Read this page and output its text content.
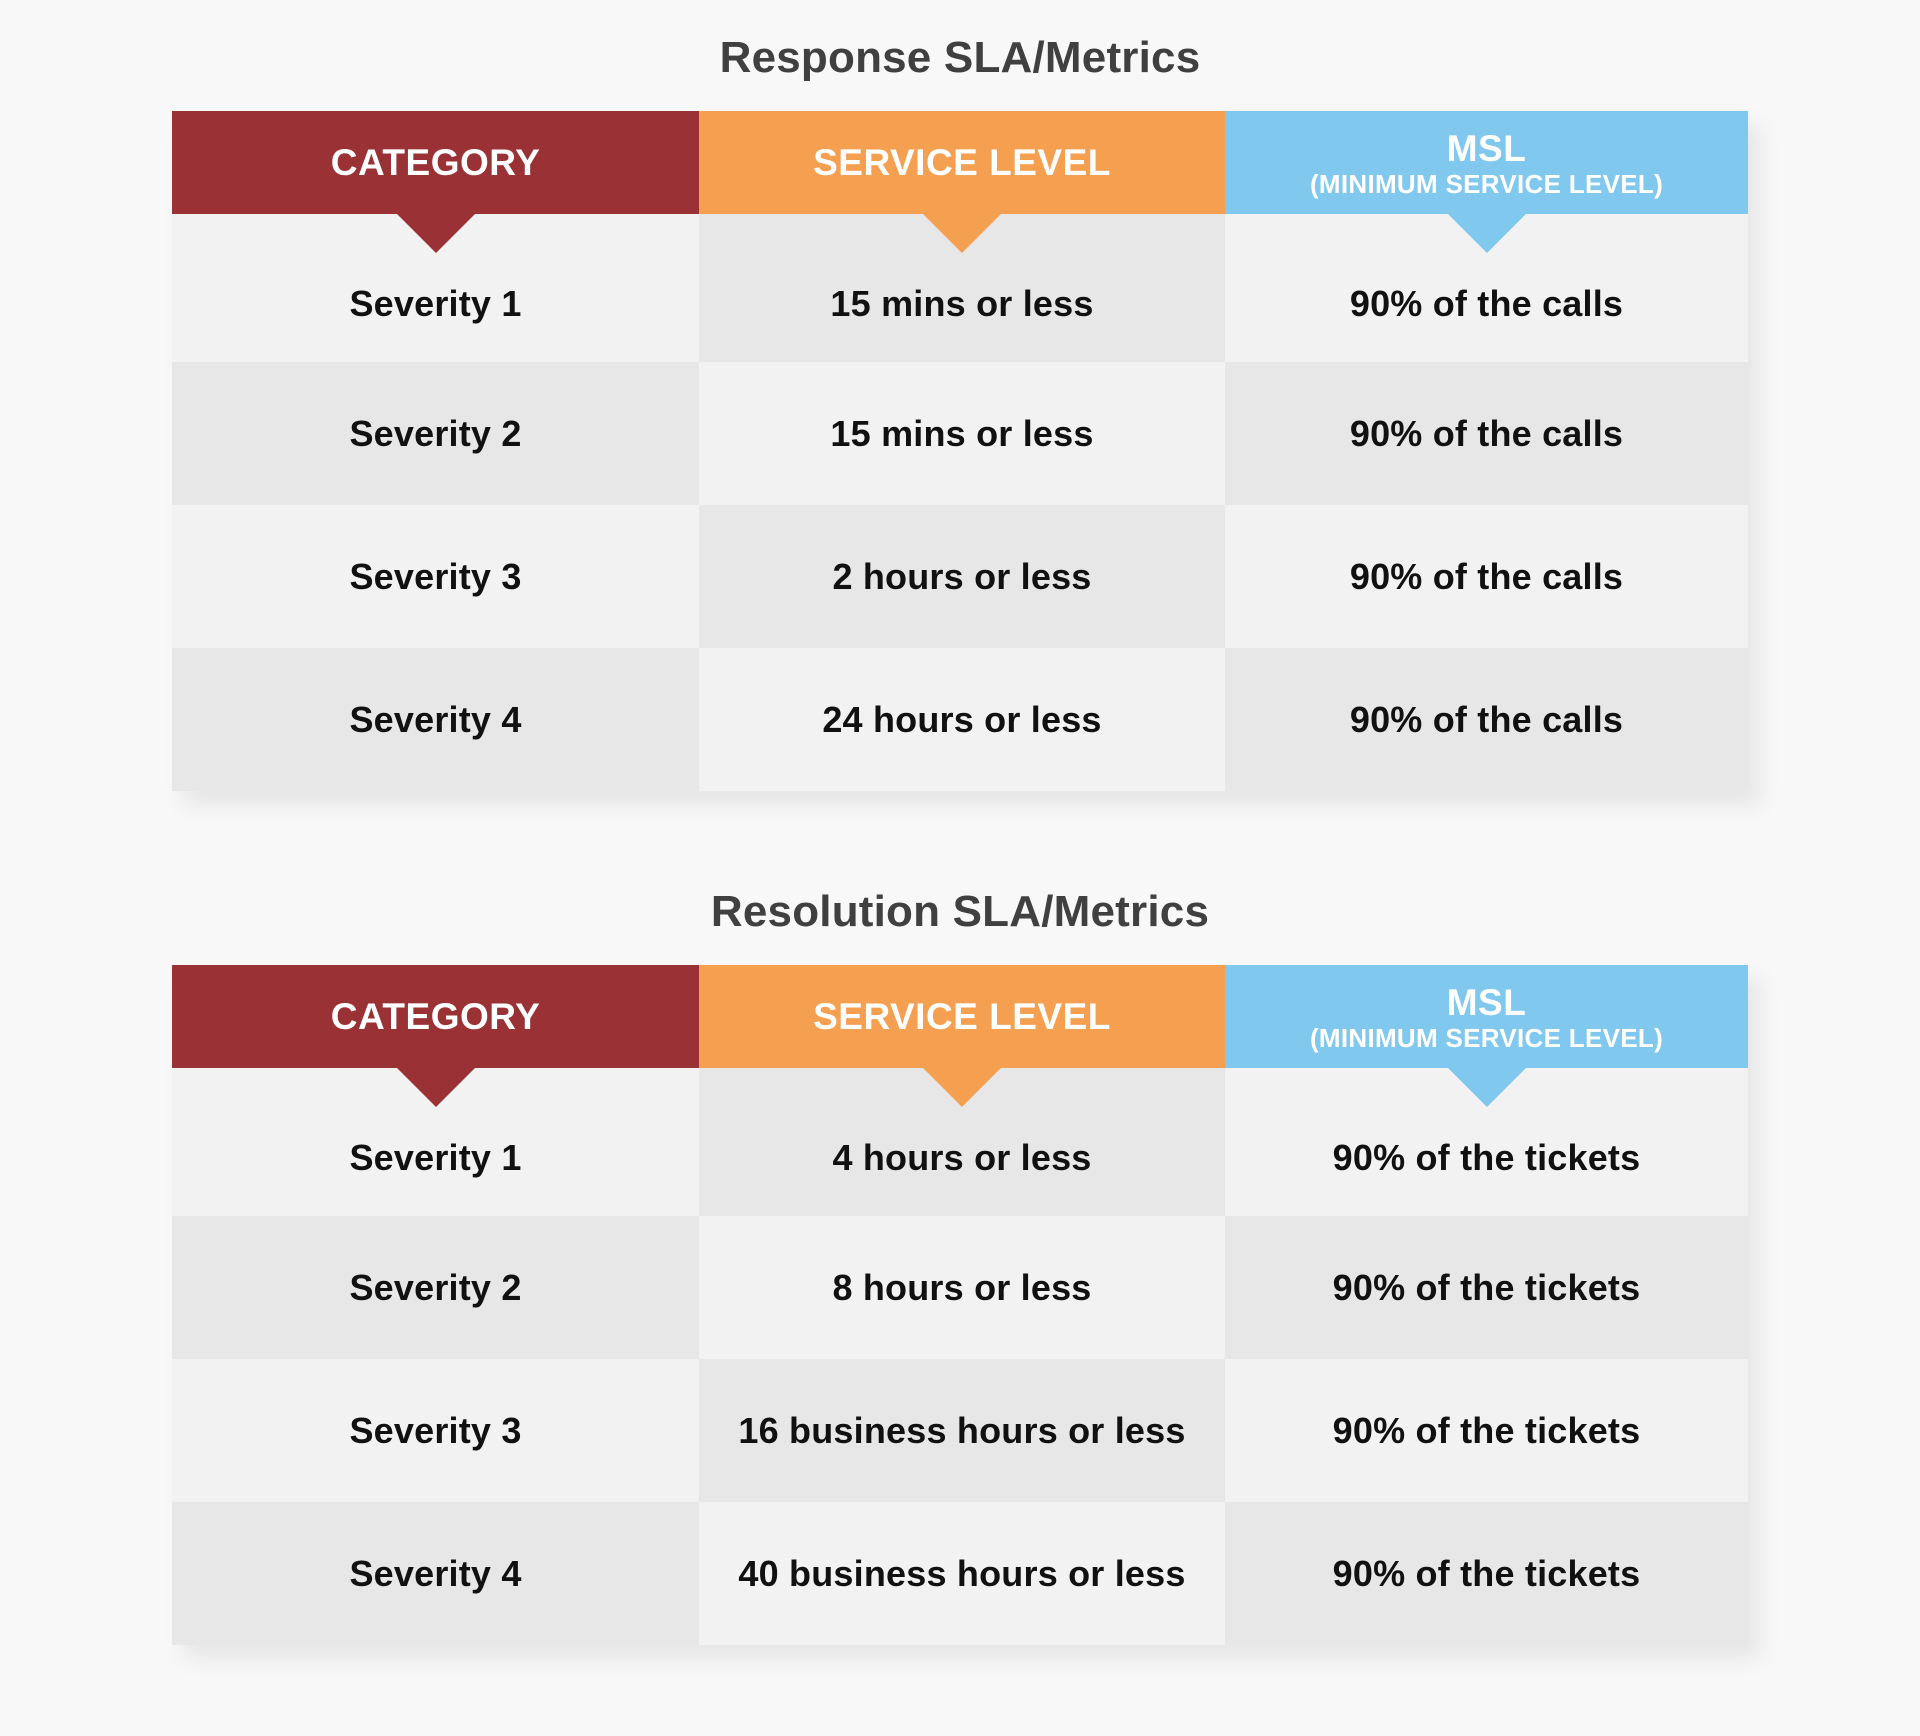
Response SLA/Metrics
CATEGORY	SERVICE LEVEL	MSL
(MINIMUM SERVICE LEVEL)
Severity 1	15 mins or less	90% of the calls
Severity 2	15 mins or less	90% of the calls
Severity 3	2 hours or less	90% of the calls
Severity 4	24 hours or less	90% of the calls
Resolution SLA/Metrics
CATEGORY	SERVICE LEVEL	MSL
(MINIMUM SERVICE LEVEL)
Severity 1	4 hours or less	90% of the tickets
Severity 2	8 hours or less	90% of the tickets
Severity 3	16 business hours or less	90% of the tickets
Severity 4	40 business hours or less	90% of the tickets
